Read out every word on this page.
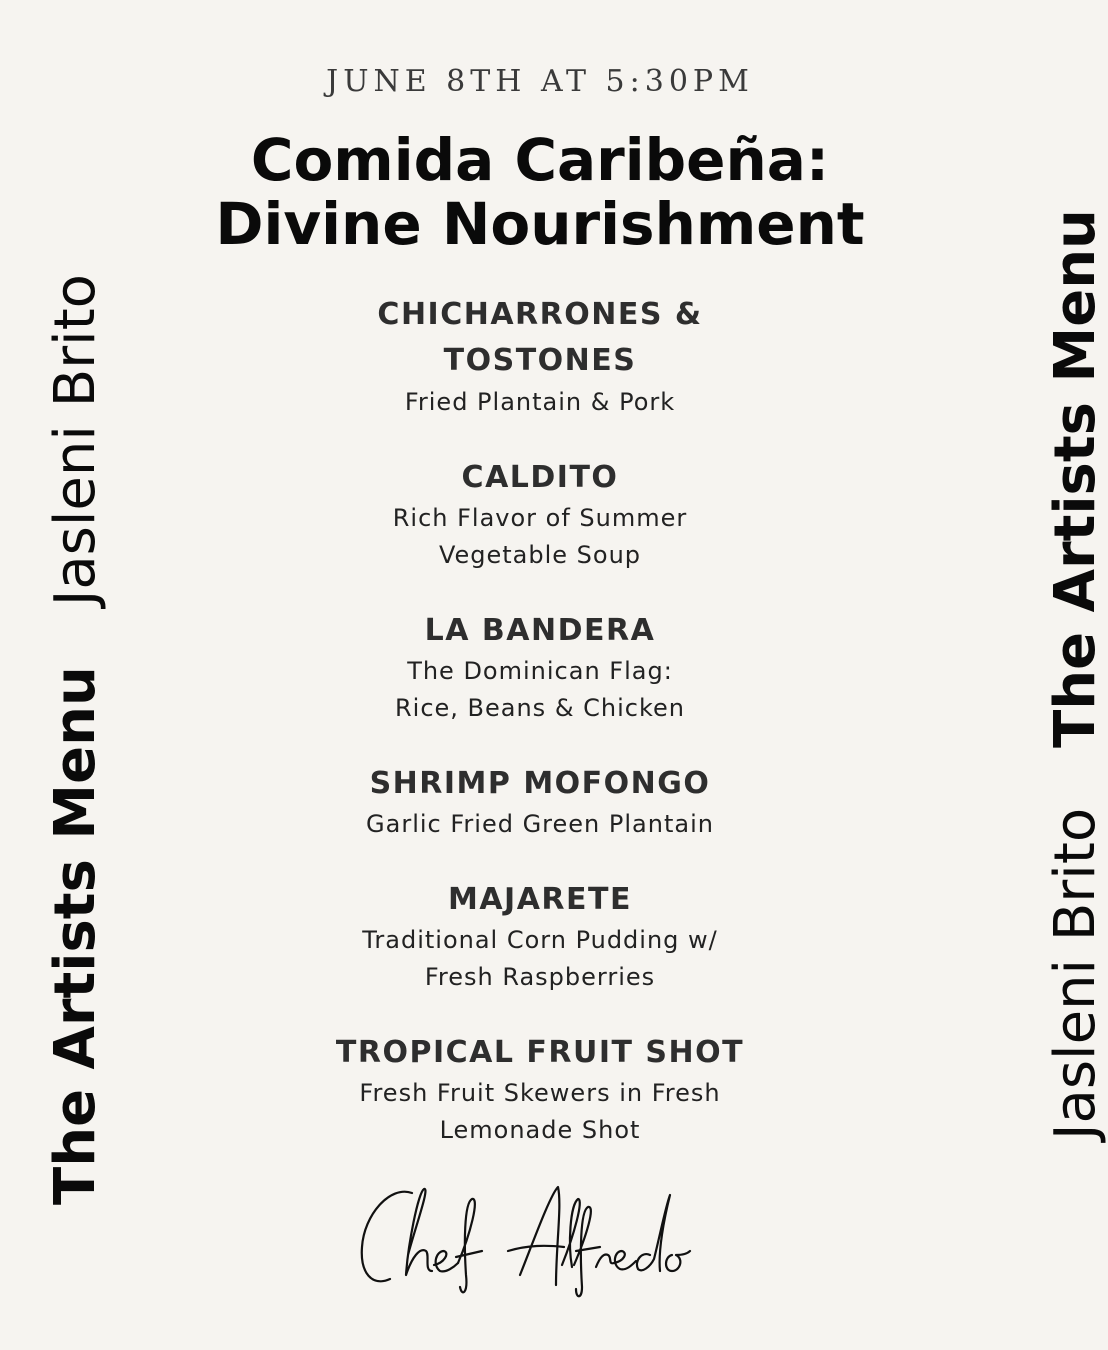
JUNE 8TH AT 5:30PM
Comida Caribeña:
Divine Nourishment
The Artists MenuJasleni Brito
Jasleni BritoThe Artists Menu
CHICHARRONES &
TOSTONES
Fried Plantain & Pork
CALDITO
Rich Flavor of Summer
Vegetable Soup
LA BANDERA
The Dominican Flag:
Rice, Beans & Chicken
SHRIMP MOFONGO
Garlic Fried Green Plantain
MAJARETE
Traditional Corn Pudding w/
Fresh Raspberries
TROPICAL FRUIT SHOT
Fresh Fruit Skewers in Fresh
Lemonade Shot
